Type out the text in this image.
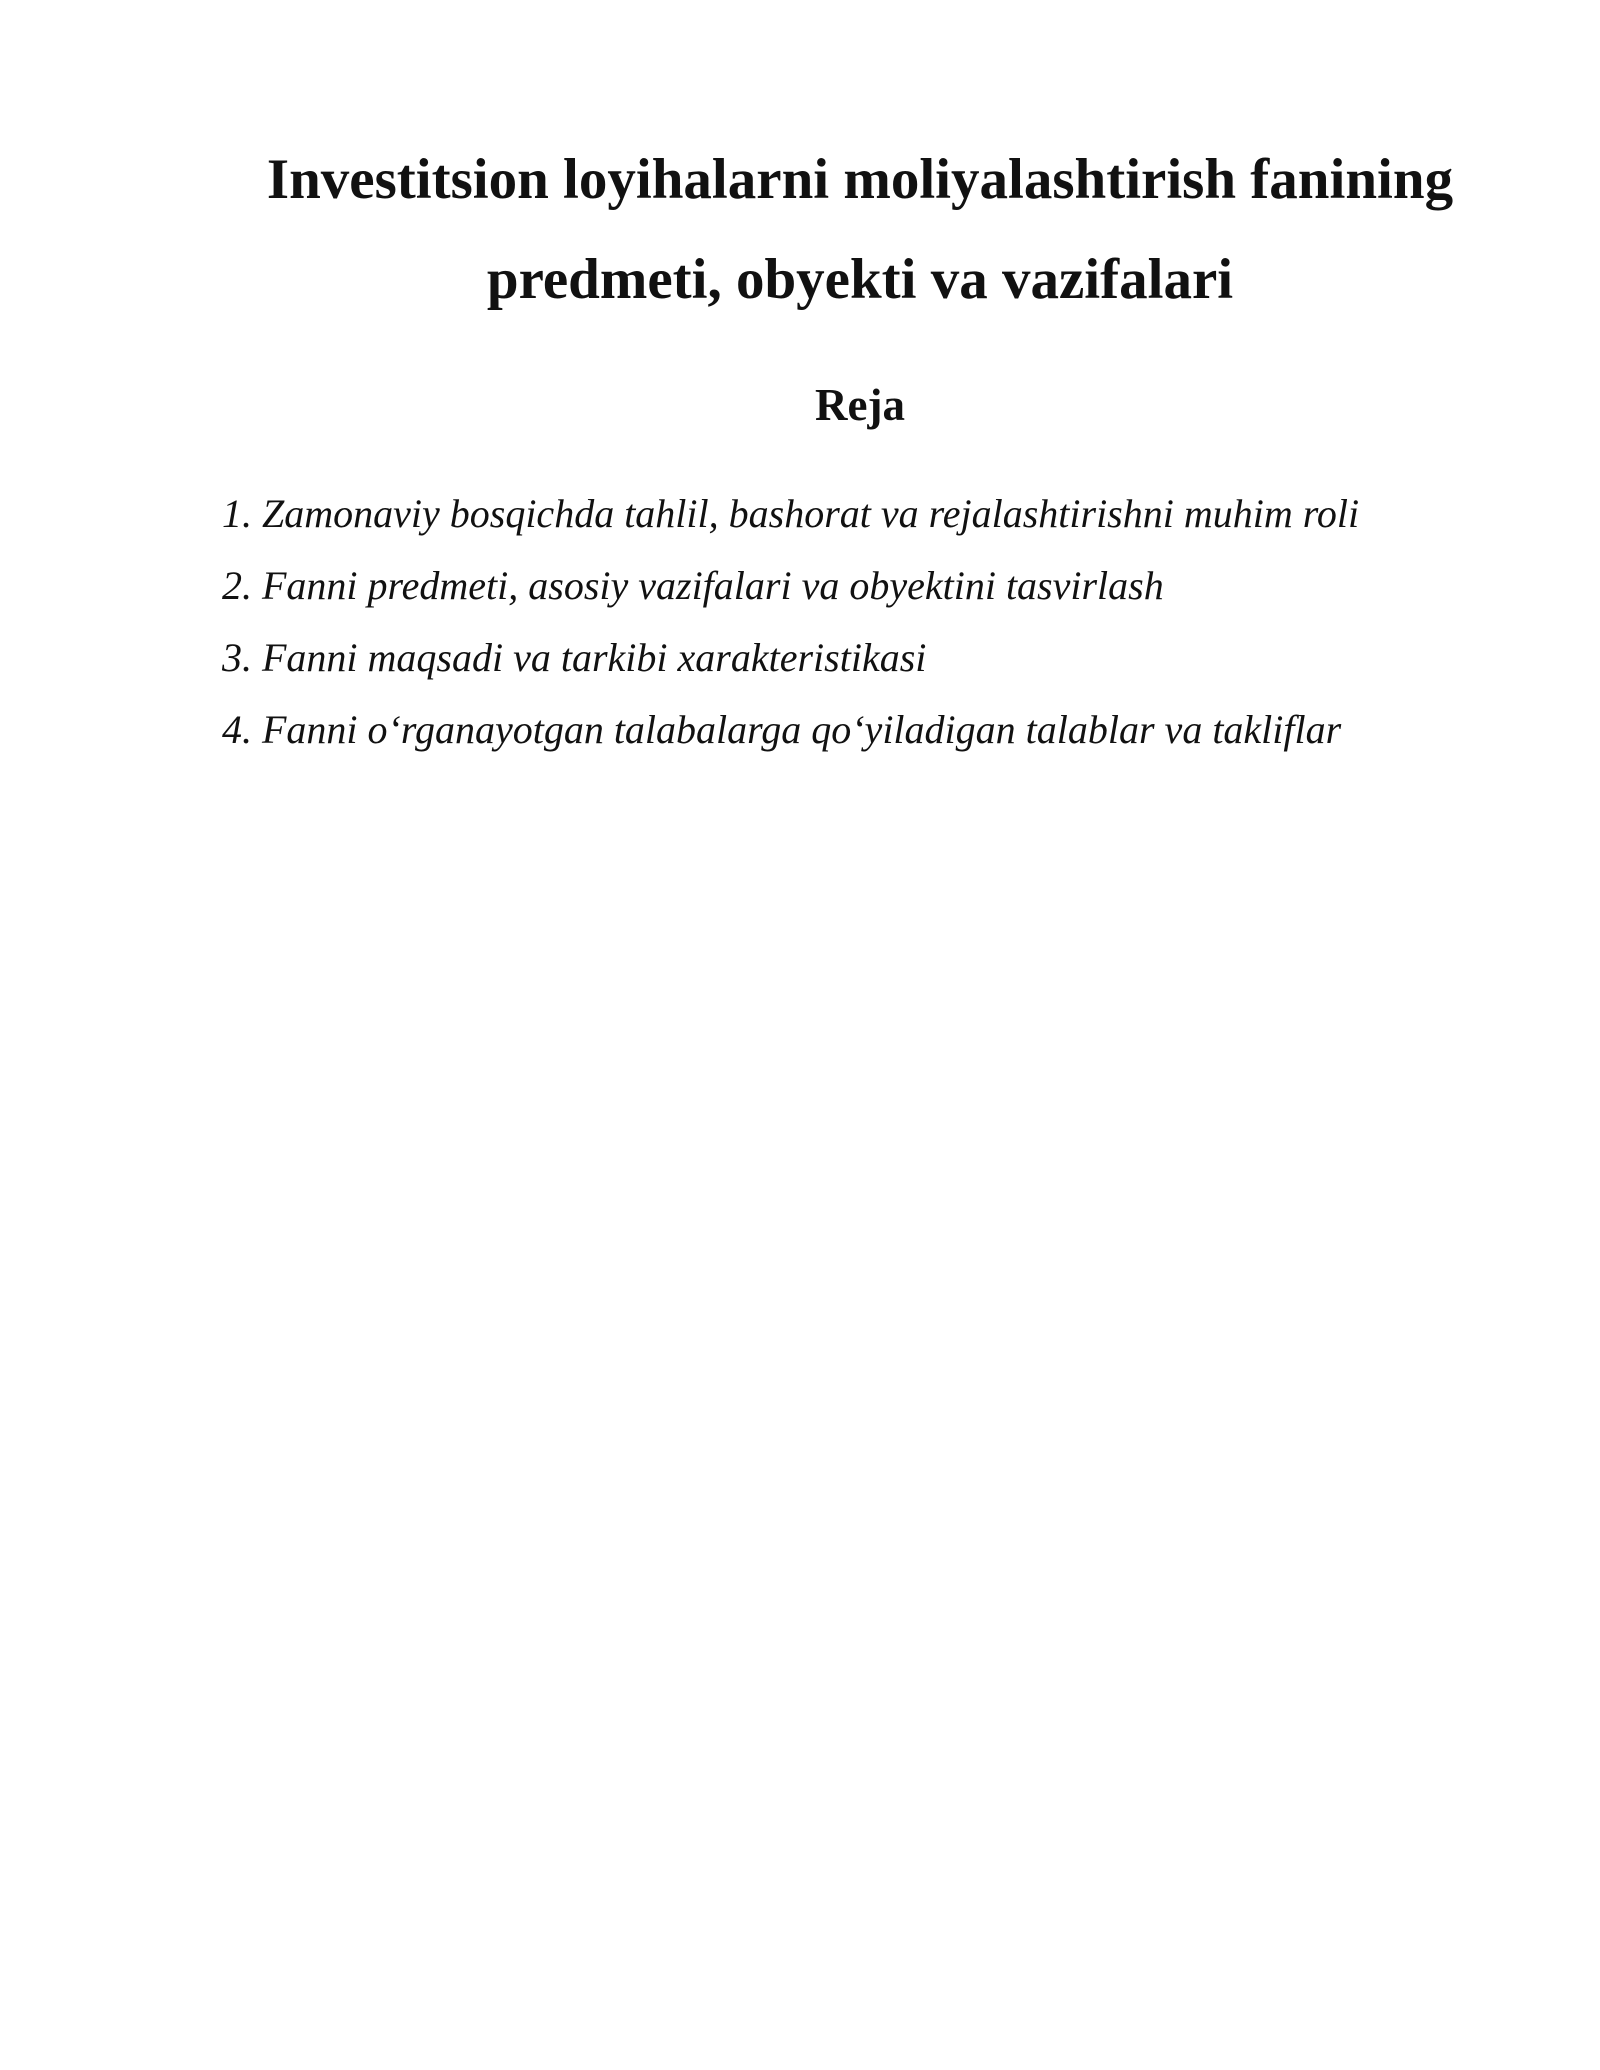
Investitsion loyihalarni moliyalashtirish fanining
predmeti, obyekti va vazifalari
Reja
1. Zamonaviy bosqichda tahlil, bashorat va rejalashtirishni muhim roli
2. Fanni predmeti, asosiy vazifalari va obyektini tasvirlash
3. Fanni maqsadi va tarkibi xarakteristikasi
4. Fanni o‘rganayotgan talabalarga qo‘yiladigan talablar va takliflar
